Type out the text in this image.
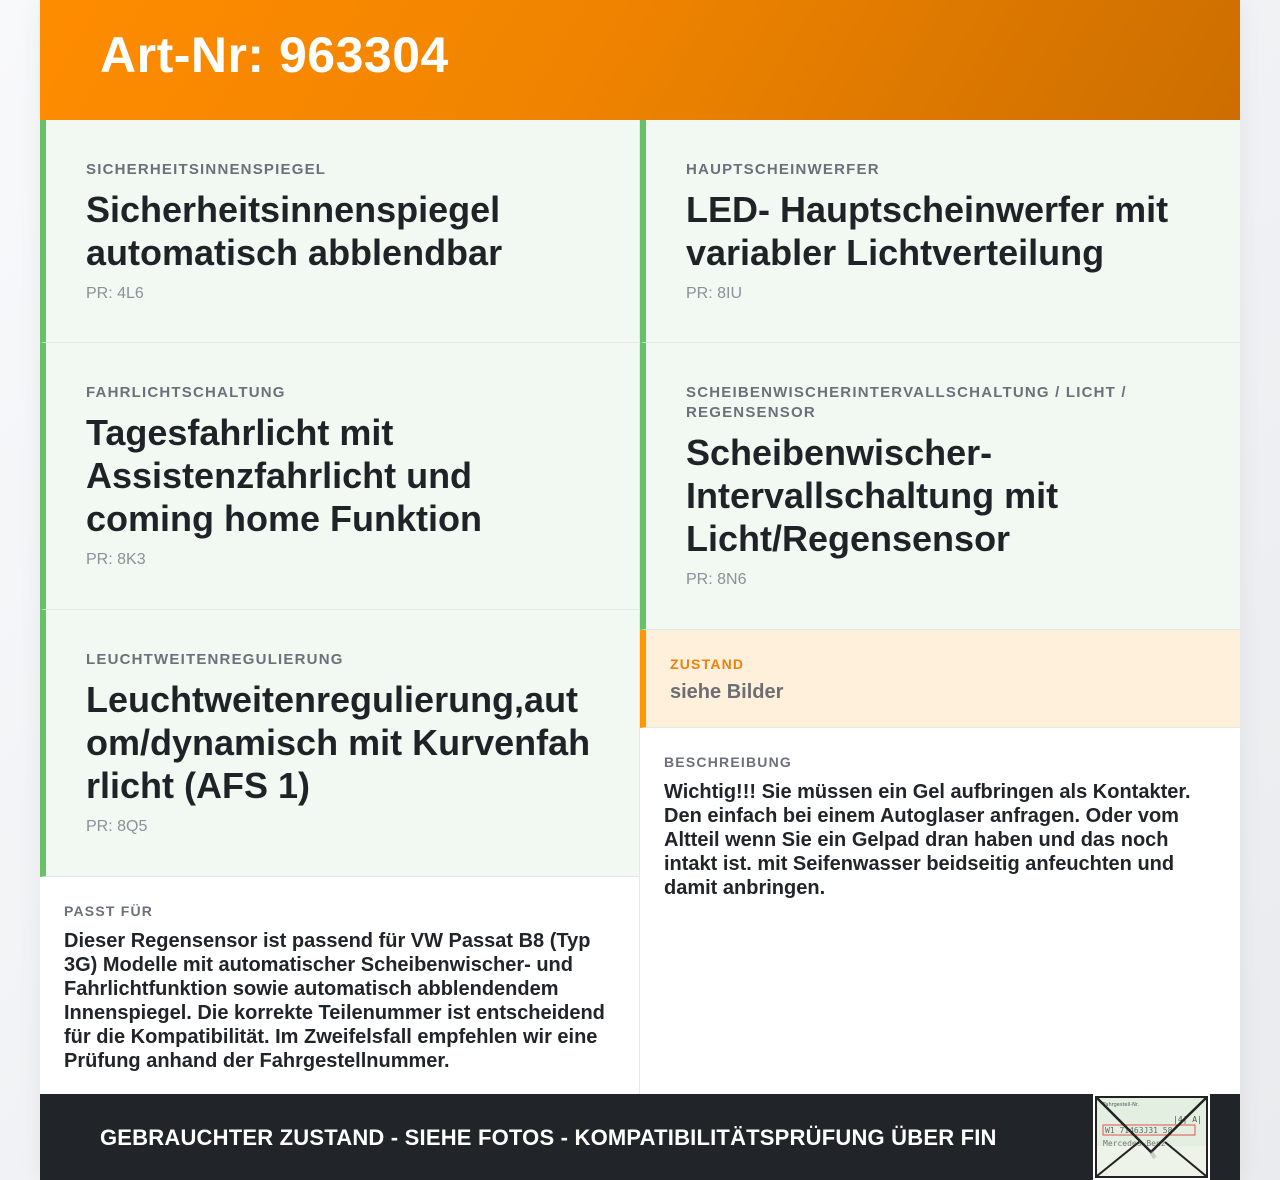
Art-Nr: 963304
SICHERHEITSINNENSPIEGEL
Sicherheitsinnenspiegel automatisch abblendbar
PR: 4L6
FAHRLICHTSCHALTUNG
Tagesfahrlicht mit Assistenzfahrlicht und coming home Funktion
PR: 8K3
LEUCHTWEITENREGULIERUNG
Leuchtweitenregulierung,autom/dynamisch mit Kurvenfahrlicht (AFS 1)
PR: 8Q5
PASST FÜR
Dieser Regensensor ist passend für VW Passat B8 (Typ 3G) Modelle mit automatischer Scheibenwischer- und Fahrlichtfunktion sowie automatisch abblendendem Innenspiegel. Die korrekte Teilenummer ist entscheidend für die Kompatibilität. Im Zweifelsfall empfehlen wir eine Prüfung anhand der Fahrgestellnummer.
HAUPTSCHEINWERFER
LED- Hauptscheinwerfer mit variabler Lichtverteilung
PR: 8IU
SCHEIBENWISCHERINTERVALLSCHALTUNG / LICHT / REGENSENSOR
Scheibenwischer-Intervallschaltung mit Licht/Regensensor
PR: 8N6
ZUSTAND
siehe Bilder
BESCHREIBUNG
Wichtig!!! Sie müssen ein Gel aufbringen als Kontakter. Den einfach bei einem Autoglaser anfragen. Oder vom Altteil wenn Sie ein Gelpad dran haben und das noch intakt ist. mit Seifenwasser beidseitig anfeuchten und damit anbringen.
GEBRAUCHTER ZUSTAND - SIEHE FOTOS - KOMPATIBILITÄTSPRÜFUNG ÜBER FIN
Fahrgestell-Nr.
|4| A|
W1 71463J31 58
Mercedes-Benz
